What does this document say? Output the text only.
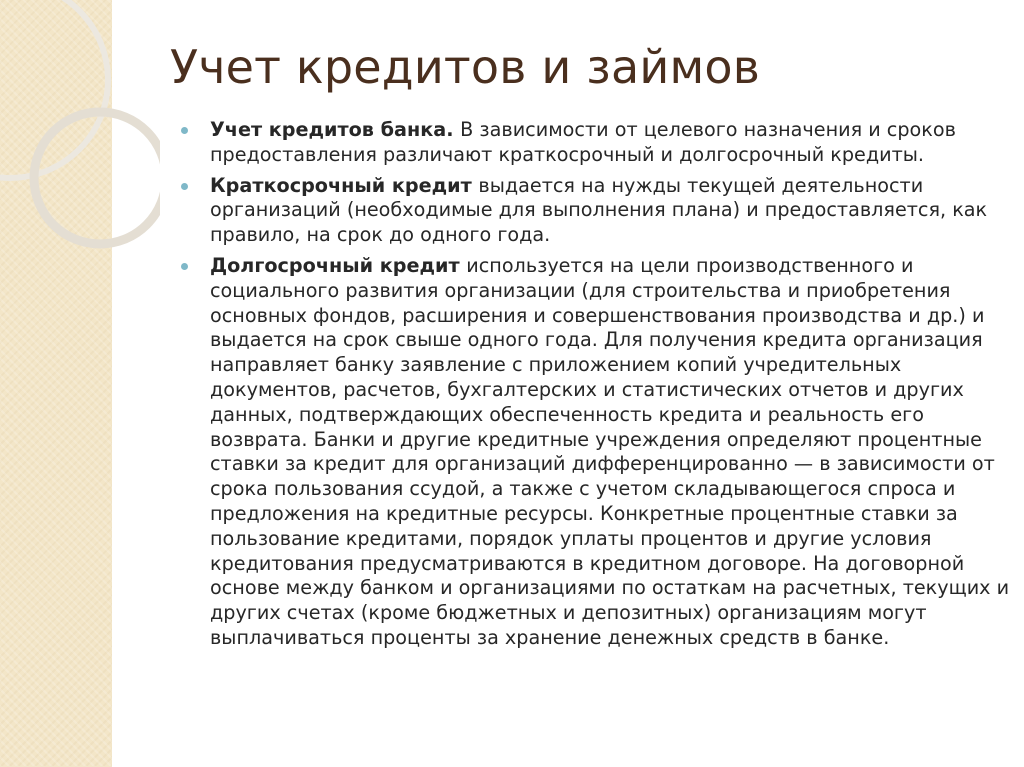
Учет кредитов и займов
Учет кредитов банка. В зависимости от целевого назначения и сроков предоставления различают краткосрочный и долгосрочный кредиты.
Краткосрочный кредит выдается на нужды текущей деятельности организаций (необходимые для выполнения плана) и предоставляется, как правило, на срок до одного года.
Долгосрочный кредит используется на цели производственного и социального развития организации (для строительства и приобретения основных фондов, расширения и совершенствования производства и др.) и выдается на срок свыше одного года. Для получения кредита организация направляет банку заявление с приложением копий учредительных документов, расчетов, бухгалтерских и статистических отчетов и других данных, подтверждающих обеспеченность кредита и реальность его возврата. Банки и другие кредитные учреждения определяют процентные ставки за кредит для организаций дифференцированно — в зависимости от срока пользования ссудой, а также с учетом складывающегося спроса и предложения на кредитные ресурсы. Конкретные процентные ставки за пользование кредитами, порядок уплаты процентов и другие условия кредитования предусматриваются в кредитном договоре. На договорной основе между банком и организациями по остаткам на расчетных, текущих и других счетах (кроме бюджетных и депозитных) организациям могут выплачиваться проценты за хранение денежных средств в банке.
